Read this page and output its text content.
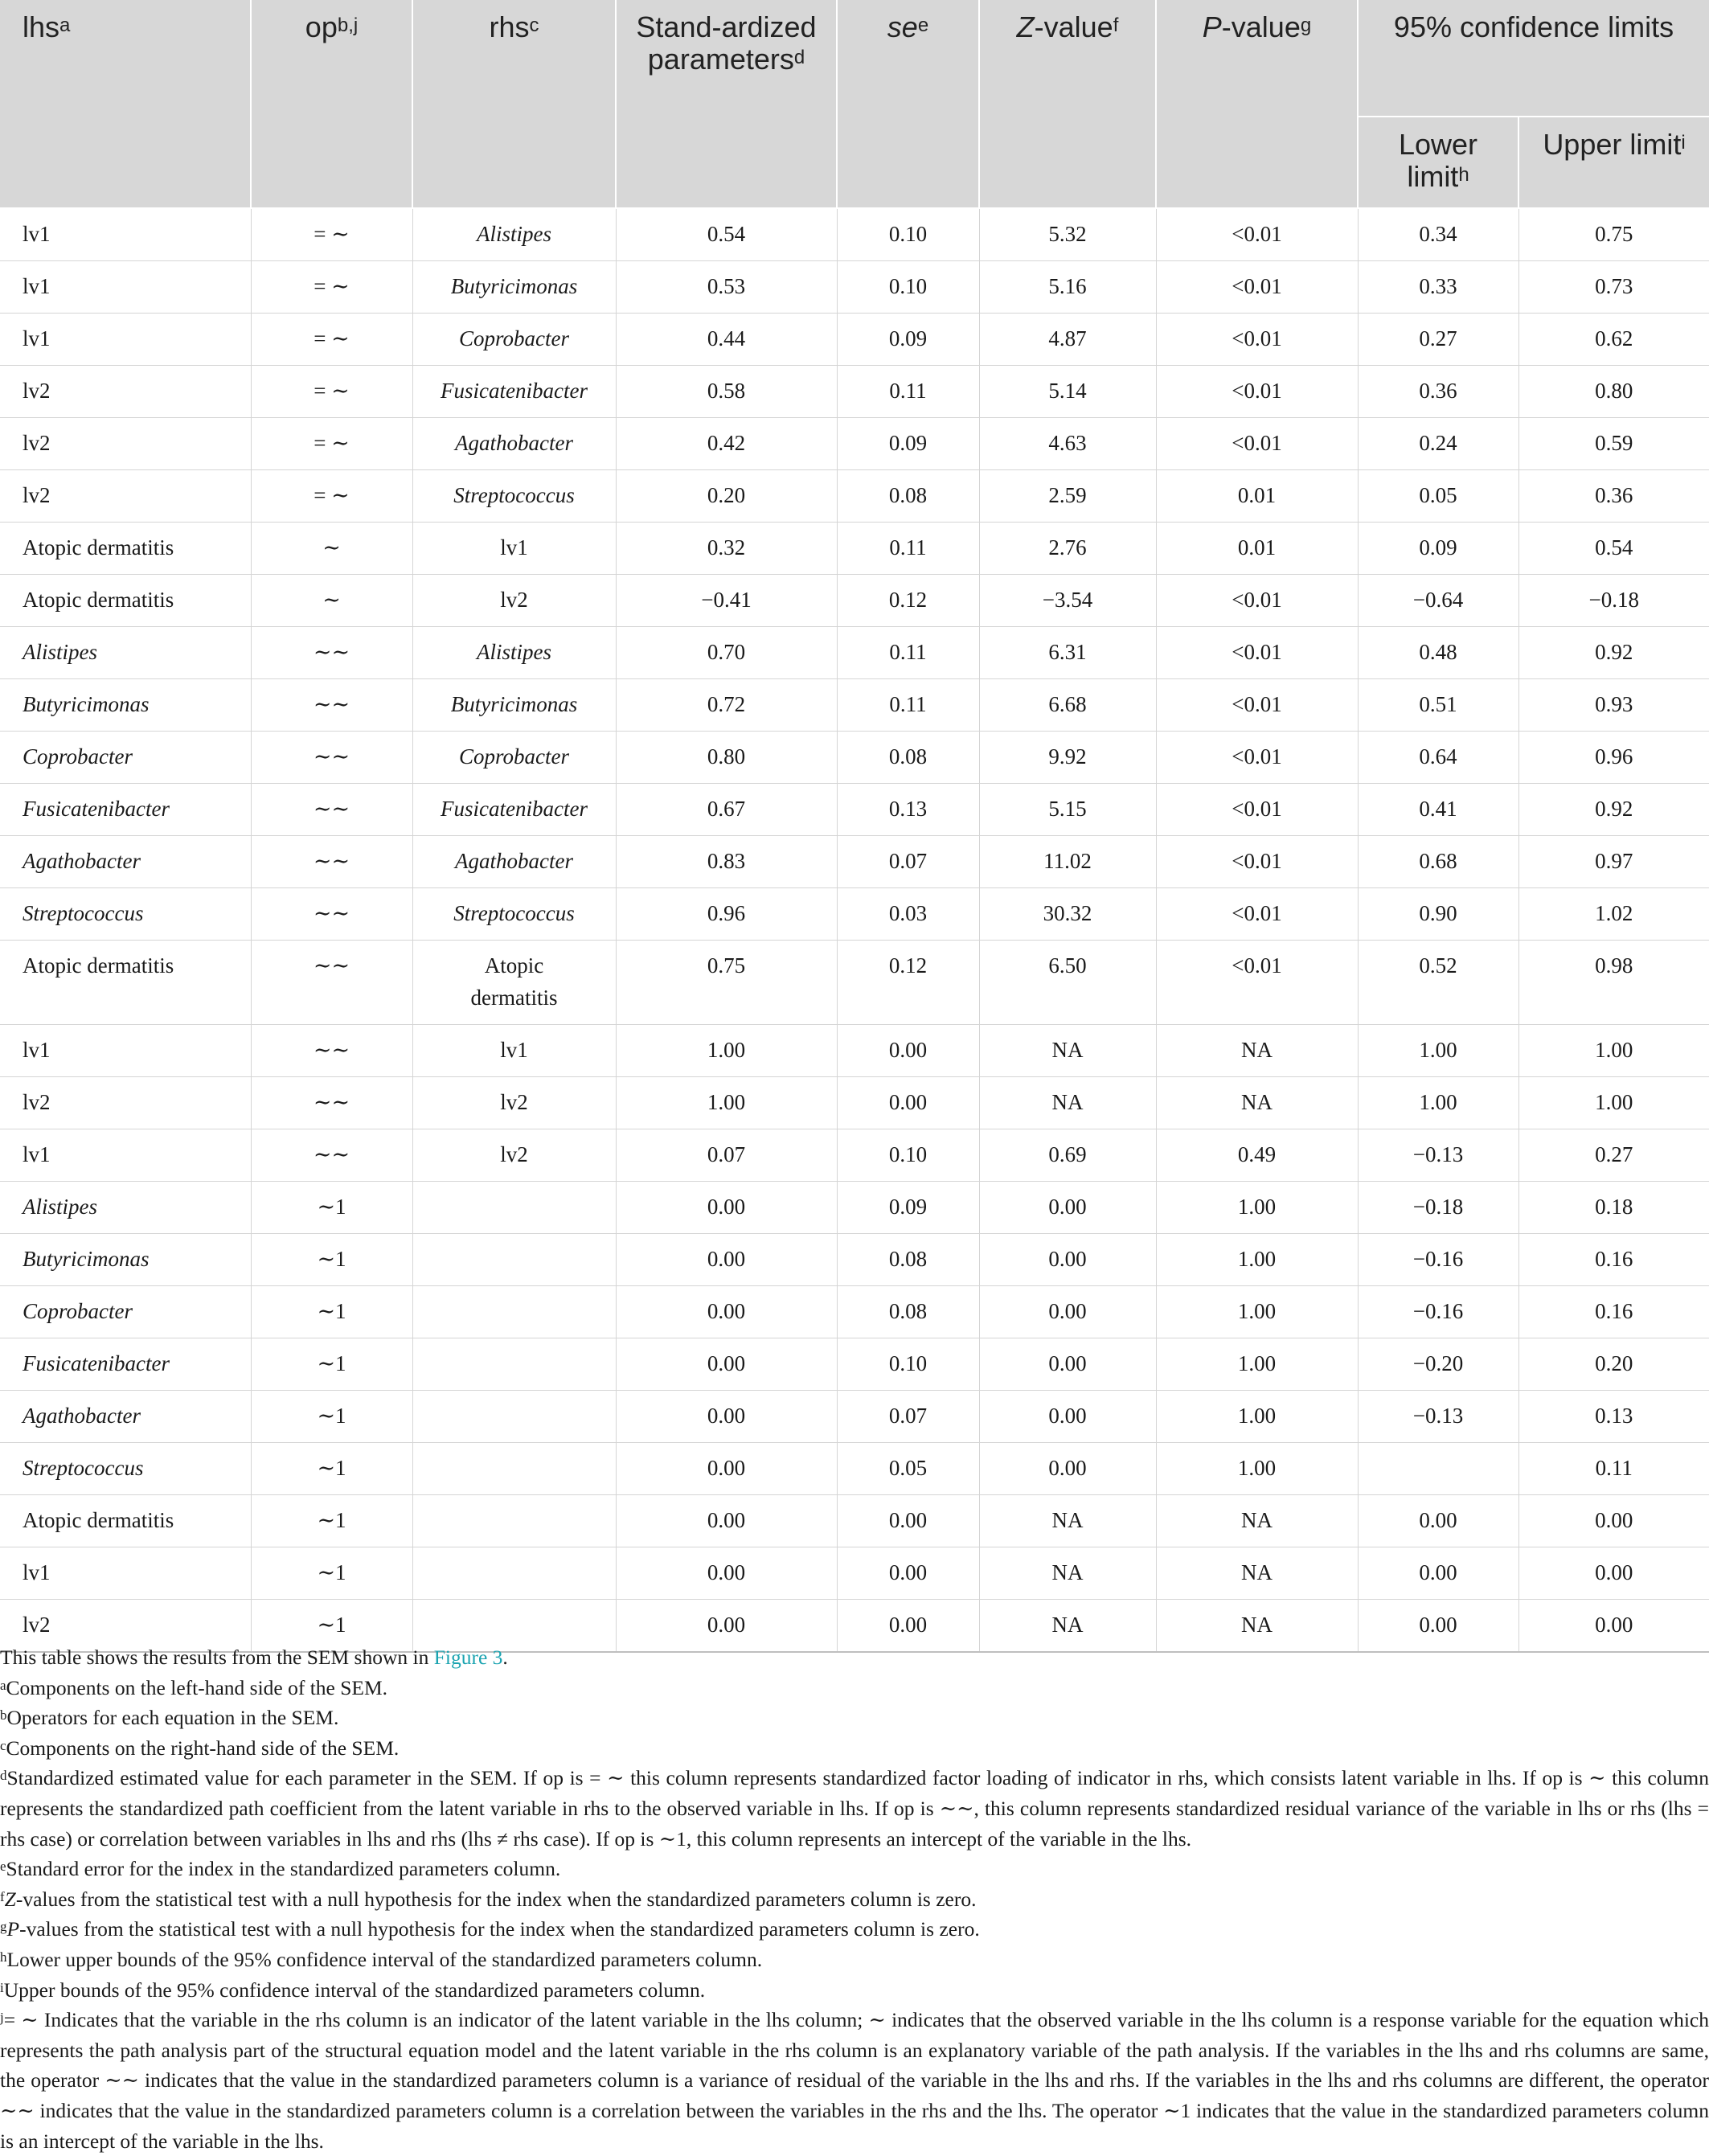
lhs$^a$	op$^{b,j}$	rhs$^c$	Stand-ardized parameters$^d$	$se^e$	Z-value$^f$	P-value$^g$	95% confidence limits	
							Lower limit$^h$	Upper limit$^i$
lv1	= ∼	Alistipes	0.54	0.10	5.32	<0.01	0.34	0.75
lv1	= ∼	Butyricimonas	0.53	0.10	5.16	<0.01	0.33	0.73
lv1	= ∼	Coprobacter	0.44	0.09	4.87	<0.01	0.27	0.62
lv2	= ∼	Fusicatenibacter	0.58	0.11	5.14	<0.01	0.36	0.80
lv2	= ∼	Agathobacter	0.42	0.09	4.63	<0.01	0.24	0.59
lv2	= ∼	Streptococcus	0.20	0.08	2.59	0.01	0.05	0.36
Atopic dermatitis	∼	lv1	0.32	0.11	2.76	0.01	0.09	0.54
Atopic dermatitis	∼	lv2	−0.41	0.12	−3.54	<0.01	−0.64	−0.18
Alistipes	∼∼	Alistipes	0.70	0.11	6.31	<0.01	0.48	0.92
Butyricimonas	∼∼	Butyricimonas	0.72	0.11	6.68	<0.01	0.51	0.93
Coprobacter	∼∼	Coprobacter	0.80	0.08	9.92	<0.01	0.64	0.96
Fusicatenibacter	∼∼	Fusicatenibacter	0.67	0.13	5.15	<0.01	0.41	0.92
Agathobacter	∼∼	Agathobacter	0.83	0.07	11.02	<0.01	0.68	0.97
Streptococcus	∼∼	Streptococcus	0.96	0.03	30.32	<0.01	0.90	1.02
Atopic dermatitis	∼∼	Atopic dermatitis	0.75	0.12	6.50	<0.01	0.52	0.98
lv1	∼∼	lv1	1.00	0.00	NA	NA	1.00	1.00
lv2	∼∼	lv2	1.00	0.00	NA	NA	1.00	1.00
lv1	∼∼	lv2	0.07	0.10	0.69	0.49	−0.13	0.27
Alistipes	∼1		0.00	0.09	0.00	1.00	−0.18	0.18
Butyricimonas	∼1		0.00	0.08	0.00	1.00	−0.16	0.16
Coprobacter	∼1		0.00	0.08	0.00	1.00	−0.16	0.16
Fusicatenibacter	∼1		0.00	0.10	0.00	1.00	−0.20	0.20
Agathobacter	∼1		0.00	0.07	0.00	1.00	−0.13	0.13
Streptococcus	∼1		0.00	0.05	0.00	1.00		0.11
Atopic dermatitis	∼1		0.00	0.00	NA	NA	0.00	0.00
lv1	∼1		0.00	0.00	NA	NA	0.00	0.00
lv2	∼1		0.00	0.00	NA	NA	0.00	0.00

This table shows the results from the SEM shown in Figure 3.

$^a$Components on the left-hand side of the SEM.

$^b$Operators for each equation in the SEM.

$^c$Components on the right-hand side of the SEM.

$^d$Standardized estimated value for each parameter in the SEM. If op is = ∼ this column represents standardized factor loading of indicator in rhs, which consists latent variable in lhs. If op is ∼ this column represents the standardized path coefficient from the latent variable in rhs to the observed variable in lhs. If op is ∼∼, this column represents standardized residual variance of the variable in lhs or rhs (lhs = rhs case) or correlation between variables in lhs and rhs (lhs ≠ rhs case). If op is ∼1, this column represents an intercept of the variable in the lhs.

$^e$Standard error for the index in the standardized parameters column.

$^f$Z-values from the statistical test with a null hypothesis for the index when the standardized parameters column is zero.

$^g$P-values from the statistical test with a null hypothesis for the index when the standardized parameters column is zero.

$^h$Lower upper bounds of the 95% confidence interval of the standardized parameters column.

$^i$Upper bounds of the 95% confidence interval of the standardized parameters column.

$^j$= ∼ Indicates that the variable in the rhs column is an indicator of the latent variable in the lhs column; ∼ indicates that the observed variable in the lhs column is a response variable for the equation which represents the path analysis part of the structural equation model and the latent variable in the rhs column is an explanatory variable of the path analysis. If the variables in the lhs and rhs columns are same, the operator ∼∼ indicates that the value in the standardized parameters column is a variance of residual of the variable in the lhs and rhs. If the variables in the lhs and rhs columns are different, the operator ∼∼ indicates that the value in the standardized parameters column is a correlation between the variables in the rhs and the lhs. The operator ∼1 indicates that the value in the standardized parameters column is an intercept of the variable in the lhs.
